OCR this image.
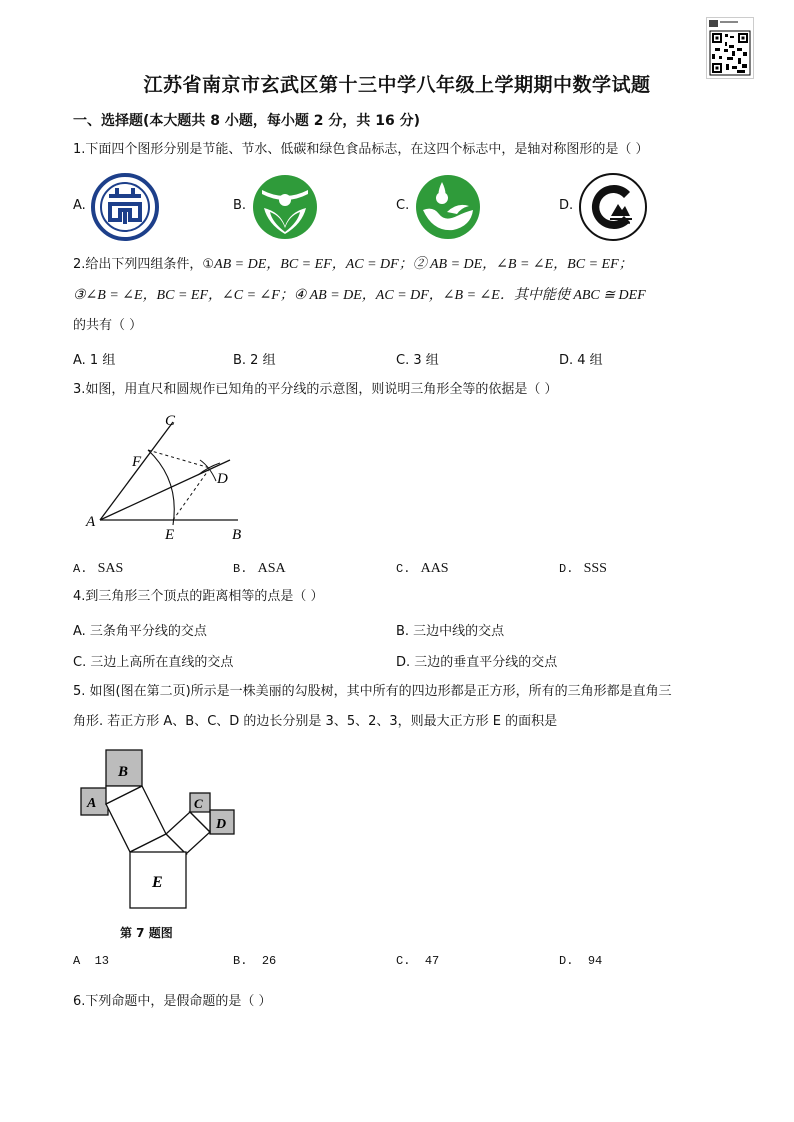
江苏省南京市玄武区第十三中学八年级上学期期中数学试题
一、选择题(本大题共 8 小题，每小题 2 分，共 16 分)
1.下面四个图形分别是节能、节水、低碳和绿色食品标志，在这四个标志中，是轴对称图形的是（ ）
A.	B.	C.	D.
2.给出下列四组条件，①AB = DE，BC = EF，AC = DF；② AB = DE，∠B = ∠E，BC = EF；
③∠B = ∠E，BC = EF，∠C = ∠F；④ AB = DE，AC = DF，∠B = ∠E．其中能使 ABC ≅ DEF
的共有（ ）
A. 1 组	B. 2 组	C. 3 组	D. 4 组
3.如图，用直尺和圆规作已知角的平分线的示意图，则说明三角形全等的依据是（ ）
C
F
D
A
E	B
A. SAS	B. ASA	C. AAS	D. SSS
4.到三角形三个顶点的距离相等的点是（ ）
A. 三条角平分线的交点	B. 三边中线的交点
C. 三边上高所在直线的交点	D. 三边的垂直平分线的交点
5. 如图(图在第二页)所示是一株美丽的勾股树，其中所有的四边形都是正方形，所有的三角形都是直角三
角形. 若正方形 A、B、C、D 的边长分别是 3、5、2、3，则最大正方形 E 的面积是
B
A	C
D
E
第 7 题图
A 13	B. 26	C. 47	D. 94
6.下列命题中，是假命题的是（ ）
